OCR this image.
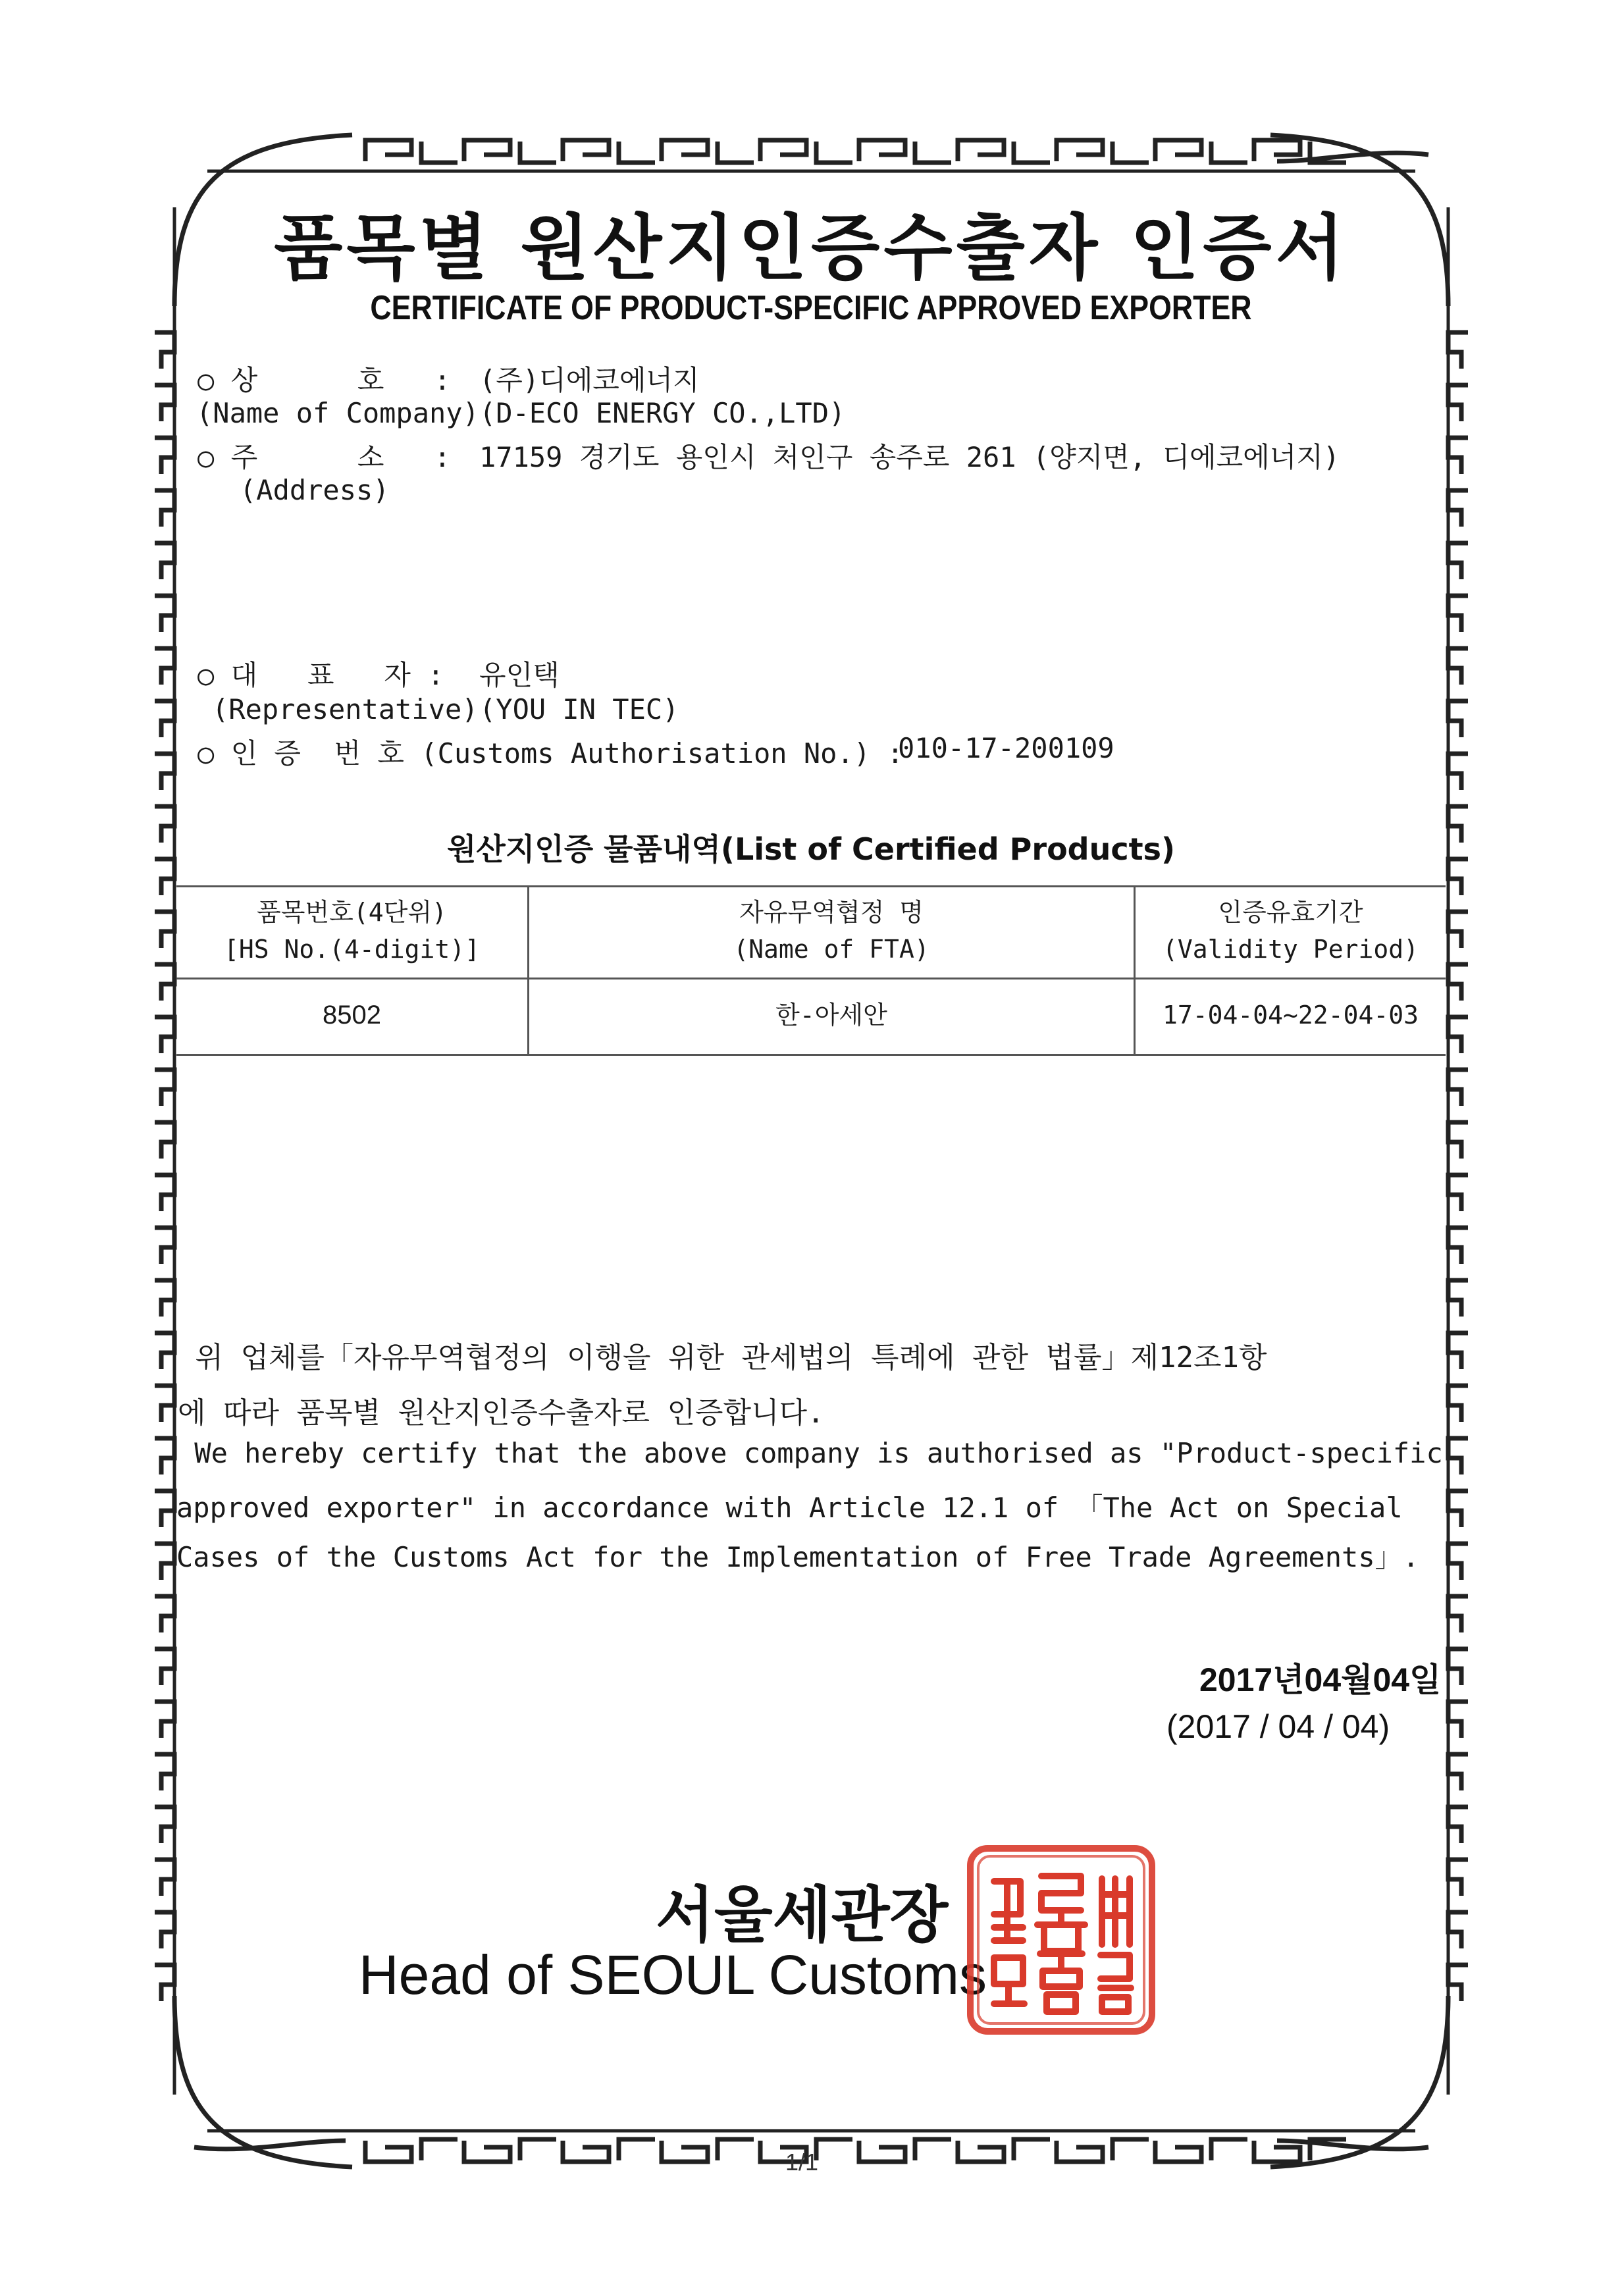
품목별 원산지인증수출자 인증서
CERTIFICATE OF PRODUCT-SPECIFIC APPROVED EXPORTER
○ 상      호   : (주)디에코에너지
(Name of Company) (D-ECO ENERGY CO.,LTD)
○ 주      소   : 17159 경기도 용인시 처인구 송주로 261 (양지면, 디에코에너지)
(Address)
○ 대   표   자 : 유인택
(Representative) (YOU IN TEC)
○ 인 증  번 호 (Customs Authorisation No.) :
010-17-200109
원산지인증 물품내역(List of Certified Products)
품목번호(4단위)
[HS No.(4-digit)]
자유무역협정 명
(Name of FTA)
인증유효기간
(Validity Period)
8502	한-아세안	17-04-04~22-04-03
위 업체를「자유무역협정의 이행을 위한 관세법의 특례에 관한 법률」제12조1항
에 따라 품목별 원산지인증수출자로 인증합니다.
We hereby certify that the above company is authorised as "Product-specific
approved exporter" in accordance with Article 12.1 of 「The Act on Special
Cases of the Customs Act for the Implementation of Free Trade Agreements」.
2017년04월04일
(2017 / 04 / 04)
서울세관장
Head of SEOUL Customs
1/1
